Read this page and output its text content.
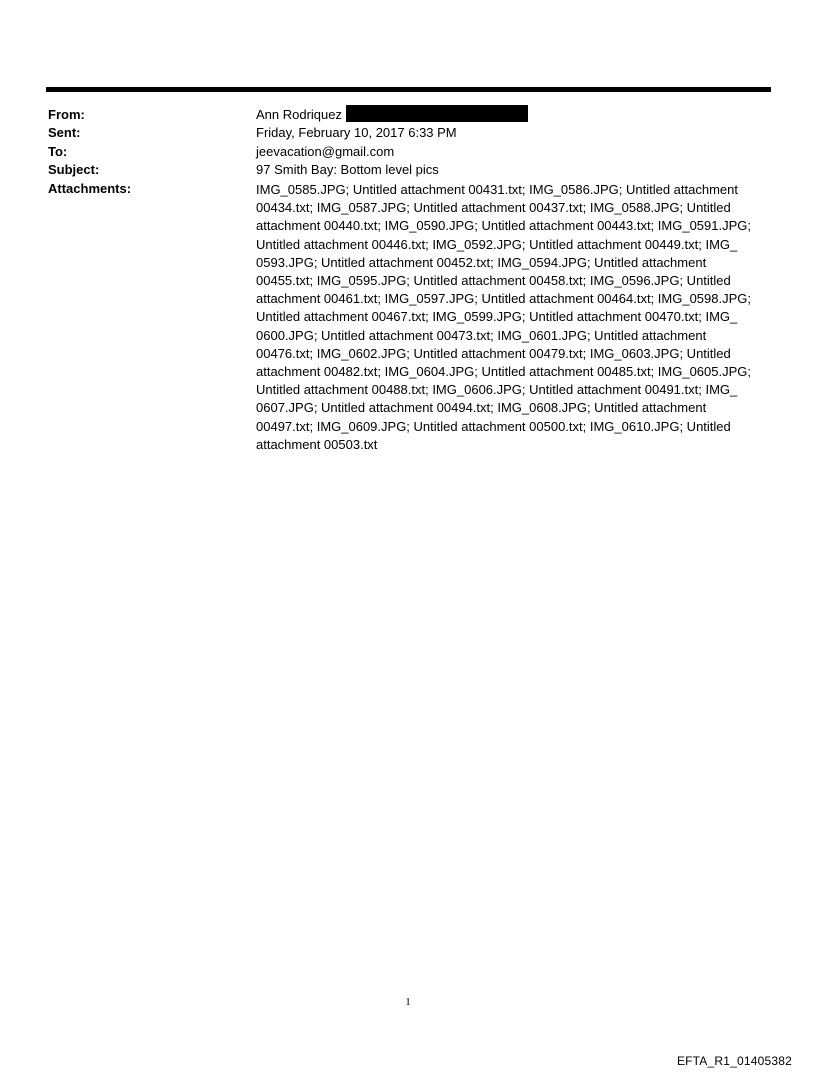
From:	Ann Rodriquez
Sent:	Friday, February 10, 2017 6:33 PM
To:	jeevacation@gmail.com
Subject:	97 Smith Bay: Bottom level pics
Attachments:	IMG_0585.JPG; Untitled attachment 00431.txt; IMG_0586.JPG; Untitled attachment
00434.txt; IMG_0587.JPG; Untitled attachment 00437.txt; IMG_0588.JPG; Untitled
attachment 00440.txt; IMG_0590.JPG; Untitled attachment 00443.txt; IMG_0591.JPG;
Untitled attachment 00446.txt; IMG_0592.JPG; Untitled attachment 00449.txt; IMG_
0593.JPG; Untitled attachment 00452.txt; IMG_0594.JPG; Untitled attachment
00455.txt; IMG_0595.JPG; Untitled attachment 00458.txt; IMG_0596.JPG; Untitled
attachment 00461.txt; IMG_0597.JPG; Untitled attachment 00464.txt; IMG_0598.JPG;
Untitled attachment 00467.txt; IMG_0599.JPG; Untitled attachment 00470.txt; IMG_
0600.JPG; Untitled attachment 00473.txt; IMG_0601.JPG; Untitled attachment
00476.txt; IMG_0602.JPG; Untitled attachment 00479.txt; IMG_0603.JPG; Untitled
attachment 00482.txt; IMG_0604.JPG; Untitled attachment 00485.txt; IMG_0605.JPG;
Untitled attachment 00488.txt; IMG_0606.JPG; Untitled attachment 00491.txt; IMG_
0607.JPG; Untitled attachment 00494.txt; IMG_0608.JPG; Untitled attachment
00497.txt; IMG_0609.JPG; Untitled attachment 00500.txt; IMG_0610.JPG; Untitled
attachment 00503.txt
1
EFTA_R1_01405382
